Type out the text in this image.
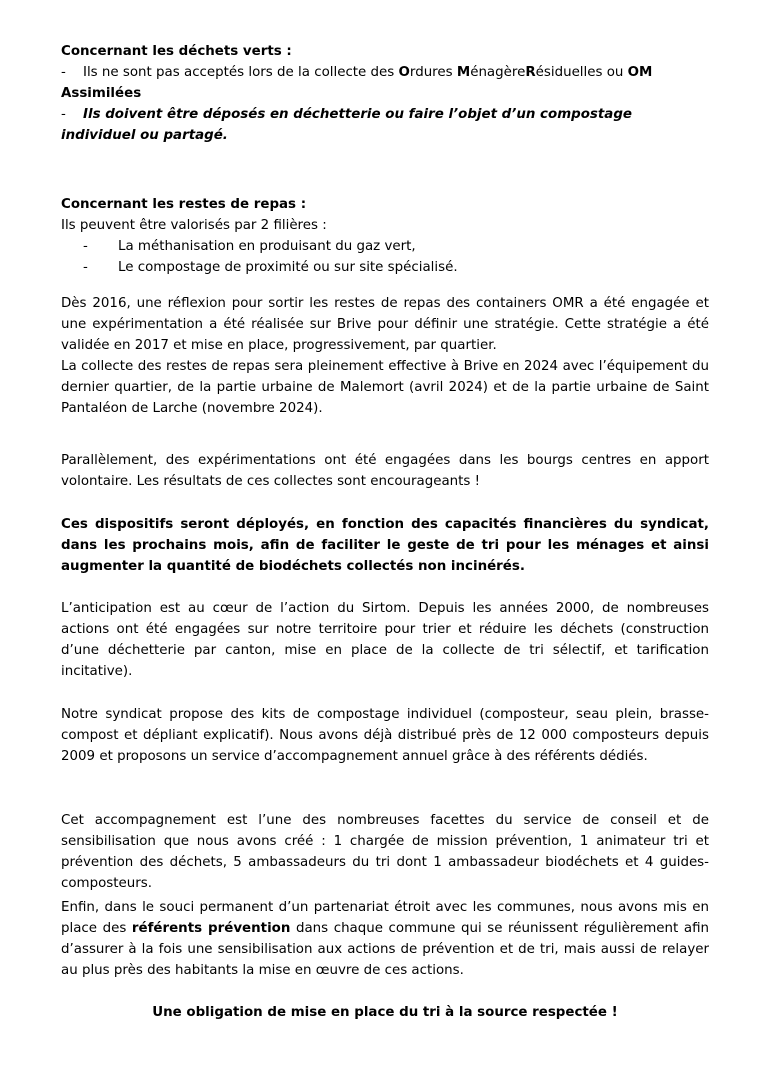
Concernant les déchets verts :
- Ils ne sont pas acceptés lors de la collecte des Ordures MénagèreRésiduelles ou OM Assimilées
- Ils doivent être déposés en déchetterie ou faire l’objet d’un compostage individuel ou partagé.
Concernant les restes de repas :
Ils peuvent être valorisés par 2 filières :
- La méthanisation en produisant du gaz vert,
- Le compostage de proximité ou sur site spécialisé.
Dès 2016, une réflexion pour sortir les restes de repas des containers OMR a été engagée et une expérimentation a été réalisée sur Brive pour définir une stratégie. Cette stratégie a été validée en 2017 et mise en place, progressivement, par quartier.
La collecte des restes de repas sera pleinement effective à Brive en 2024 avec l’équipement du dernier quartier, de la partie urbaine de Malemort (avril 2024) et de la partie urbaine de Saint Pantaléon de Larche (novembre 2024).
Parallèlement, des expérimentations ont été engagées dans les bourgs centres en apport volontaire. Les résultats de ces collectes sont encourageants !
Ces dispositifs seront déployés, en fonction des capacités financières du syndicat, dans les prochains mois, afin de faciliter le geste de tri pour les ménages et ainsi augmenter la quantité de biodéchets collectés non incinérés.
L’anticipation est au cœur de l’action du Sirtom. Depuis les années 2000, de nombreuses actions ont été engagées sur notre territoire pour trier et réduire les déchets (construction d’une déchetterie par canton, mise en place de la collecte de tri sélectif, et tarification incitative).
Notre syndicat propose des kits de compostage individuel (composteur, seau plein, brasse-compost et dépliant explicatif). Nous avons déjà distribué près de 12 000 composteurs depuis 2009 et proposons un service d’accompagnement annuel grâce à des référents dédiés.
Cet accompagnement est l’une des nombreuses facettes du service de conseil et de sensibilisation que nous avons créé : 1 chargée de mission prévention, 1 animateur tri et prévention des déchets, 5 ambassadeurs du tri dont 1 ambassadeur biodéchets et 4 guides-composteurs.
Enfin, dans le souci permanent d’un partenariat étroit avec les communes, nous avons mis en place des référents prévention dans chaque commune qui se réunissent régulièrement afin d’assurer à la fois une sensibilisation aux actions de prévention et de tri, mais aussi de relayer au plus près des habitants la mise en œuvre de ces actions.
Une obligation de mise en place du tri à la source respectée !
